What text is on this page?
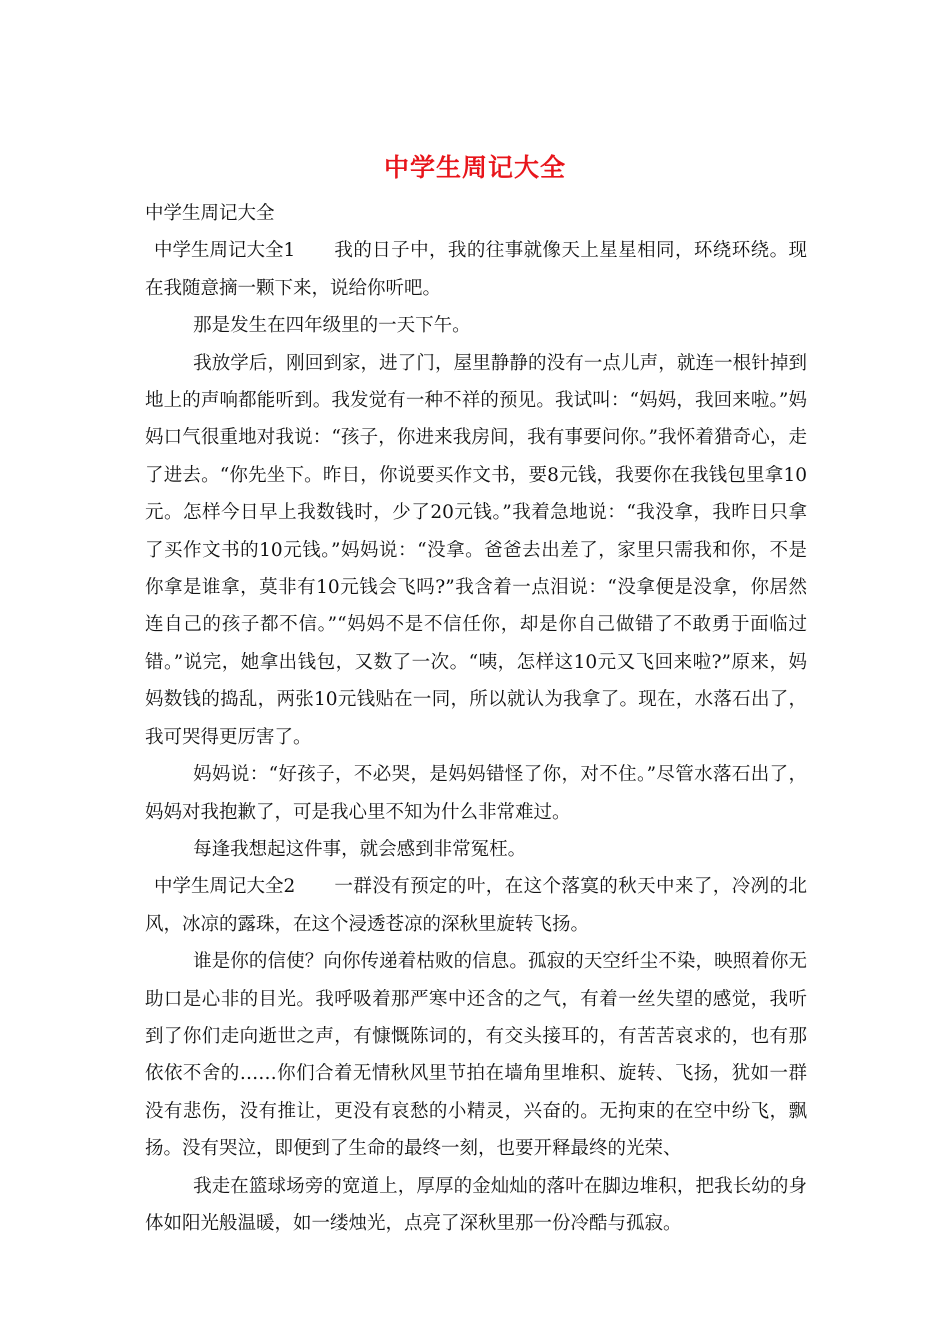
中学生周记大全

中学生周记大全

中学生周记大全1 我的日子中，我的往事就像天上星星相同，环绕环绕。现在我随意摘一颗下来，说给你听吧。

那是发生在四年级里的一天下午。

我放学后，刚回到家，进了门，屋里静静的没有一点儿声，就连一根针掉到地上的声响都能听到。我发觉有一种不祥的预见。我试叫：“妈妈，我回来啦。”妈妈口气很重地对我说：“孩子，你进来我房间，我有事要问你。”我怀着猎奇心，走了进去。“你先坐下。昨日，你说要买作文书，要8元钱，我要你在我钱包里拿10元。怎样今日早上我数钱时，少了20元钱。”我着急地说：“我没拿，我昨日只拿了买作文书的10元钱。”妈妈说：“没拿。爸爸去出差了，家里只需我和你，不是你拿是谁拿，莫非有10元钱会飞吗?”我含着一点泪说：“没拿便是没拿，你居然连自己的孩子都不信。”“妈妈不是不信任你，却是你自己做错了不敢勇于面临过错。”说完，她拿出钱包，又数了一次。“咦，怎样这10元又飞回来啦?”原来，妈妈数钱的捣乱，两张10元钱贴在一同，所以就认为我拿了。现在，水落石出了，我可哭得更厉害了。

妈妈说：“好孩子，不必哭，是妈妈错怪了你，对不住。”尽管水落石出了，妈妈对我抱歉了，可是我心里不知为什么非常难过。

每逢我想起这件事，就会感到非常冤枉。

中学生周记大全2 一群没有预定的叶，在这个落寞的秋天中来了，冷冽的北风，冰凉的露珠，在这个浸透苍凉的深秋里旋转飞扬。

谁是你的信使？向你传递着枯败的信息。孤寂的天空纤尘不染，映照着你无助口是心非的目光。我呼吸着那严寒中还含的之气，有着一丝失望的感觉，我听到了你们走向逝世之声，有慷慨陈词的，有交头接耳的，有苦苦哀求的，也有那依依不舍的……你们合着无情秋风里节拍在墙角里堆积、旋转、飞扬，犹如一群没有悲伤，没有推让，更没有哀愁的小精灵，兴奋的。无拘束的在空中纷飞，飘扬。没有哭泣，即便到了生命的最终一刻，也要开释最终的光荣、

我走在篮球场旁的宽道上，厚厚的金灿灿的落叶在脚边堆积，把我长幼的身体如阳光般温暖，如一缕烛光，点亮了深秋里那一份冷酷与孤寂。
